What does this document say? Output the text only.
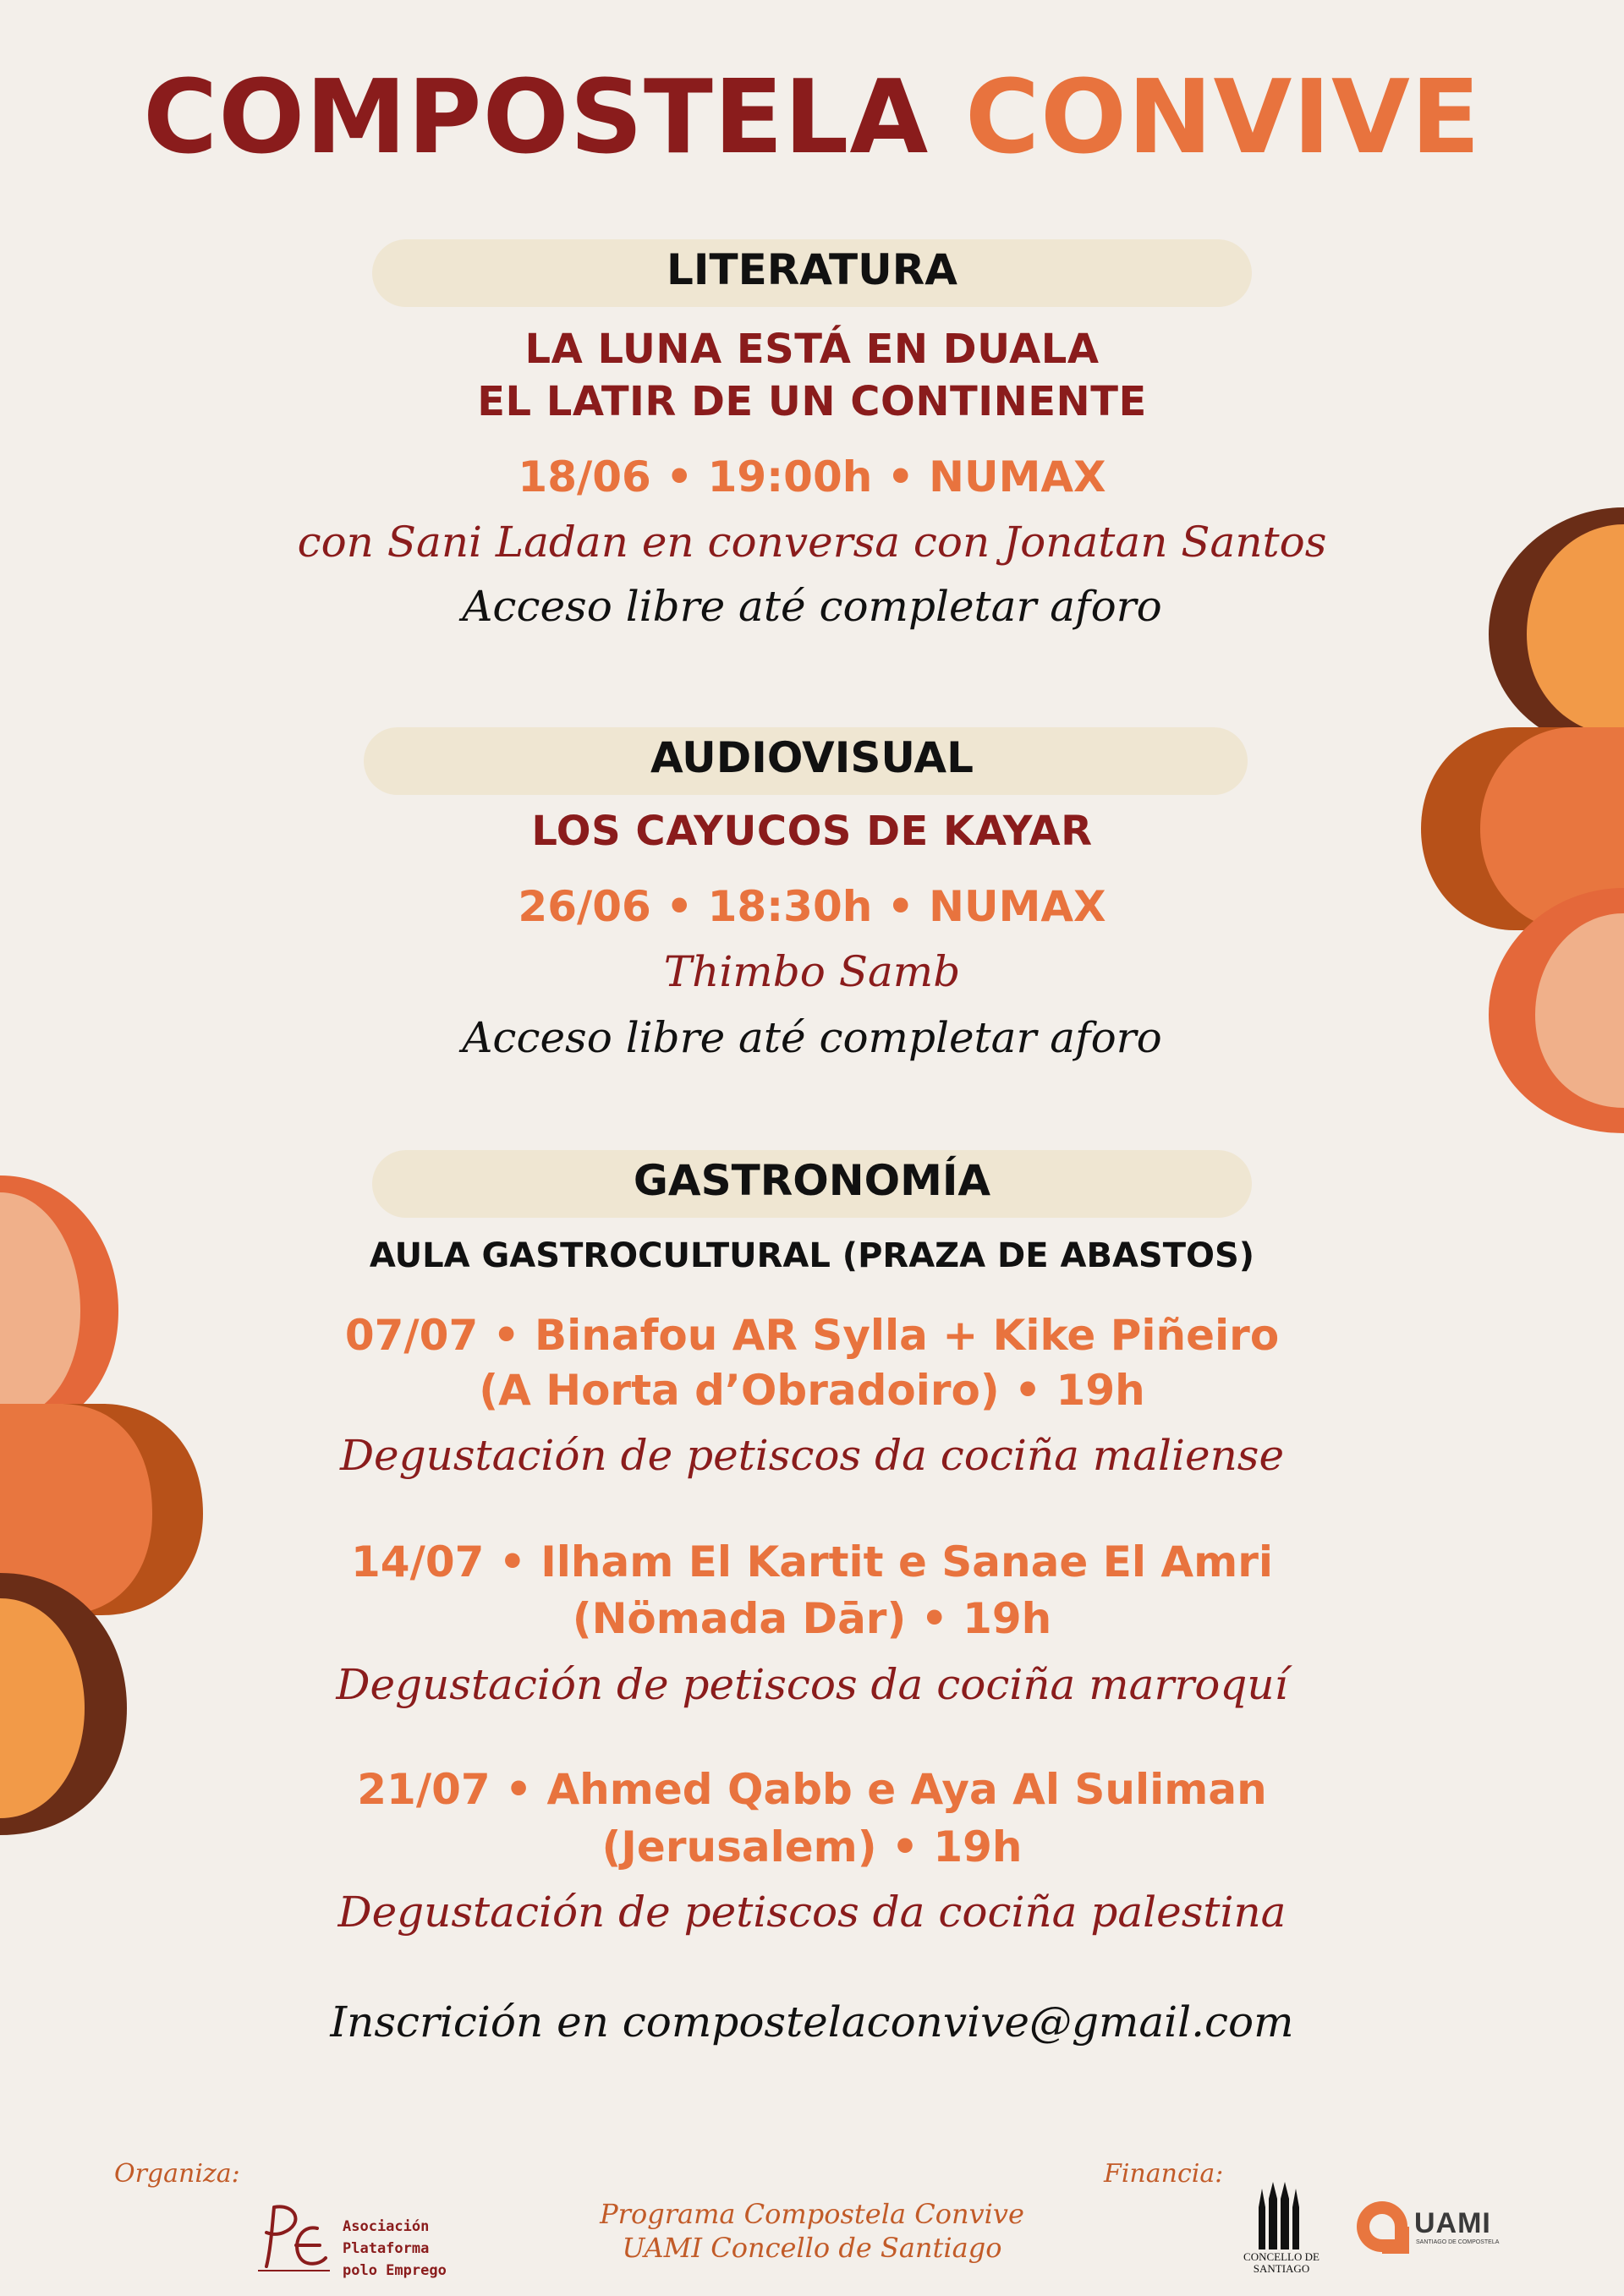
COMPOSTELA CONVIVE
LITERATURA
LA LUNA ESTÁ EN DUALA
EL LATIR DE UN CONTINENTE
18/06 • 19:00h • NUMAX
con Sani Ladan en conversa con Jonatan Santos
Acceso libre até completar aforo
AUDIOVISUAL
LOS CAYUCOS DE KAYAR
26/06 • 18:30h • NUMAX
Thimbo Samb
Acceso libre até completar aforo
GASTRONOMÍA
AULA GASTROCULTURAL (PRAZA DE ABASTOS)
07/07 • Binafou AR Sylla + Kike Piñeiro
(A Horta d’Obradoiro) • 19h
Degustación de petiscos da cociña maliense
14/07 • Ilham El Kartit e Sanae El Amri
(Nömada Dār) • 19h
Degustación de petiscos da cociña marroquí
21/07 • Ahmed Qabb e Aya Al Suliman
(Jerusalem) • 19h
Degustación de petiscos da cociña palestina
Inscrición en compostelaconvive@gmail.com
Organiza:
Asociación
Plataforma
polo Emprego
Programa Compostela Convive
UAMI Concello de Santiago
Financia:
CONCELLO DE
SANTIAGO
UAMI
SANTIAGO DE COMPOSTELA
